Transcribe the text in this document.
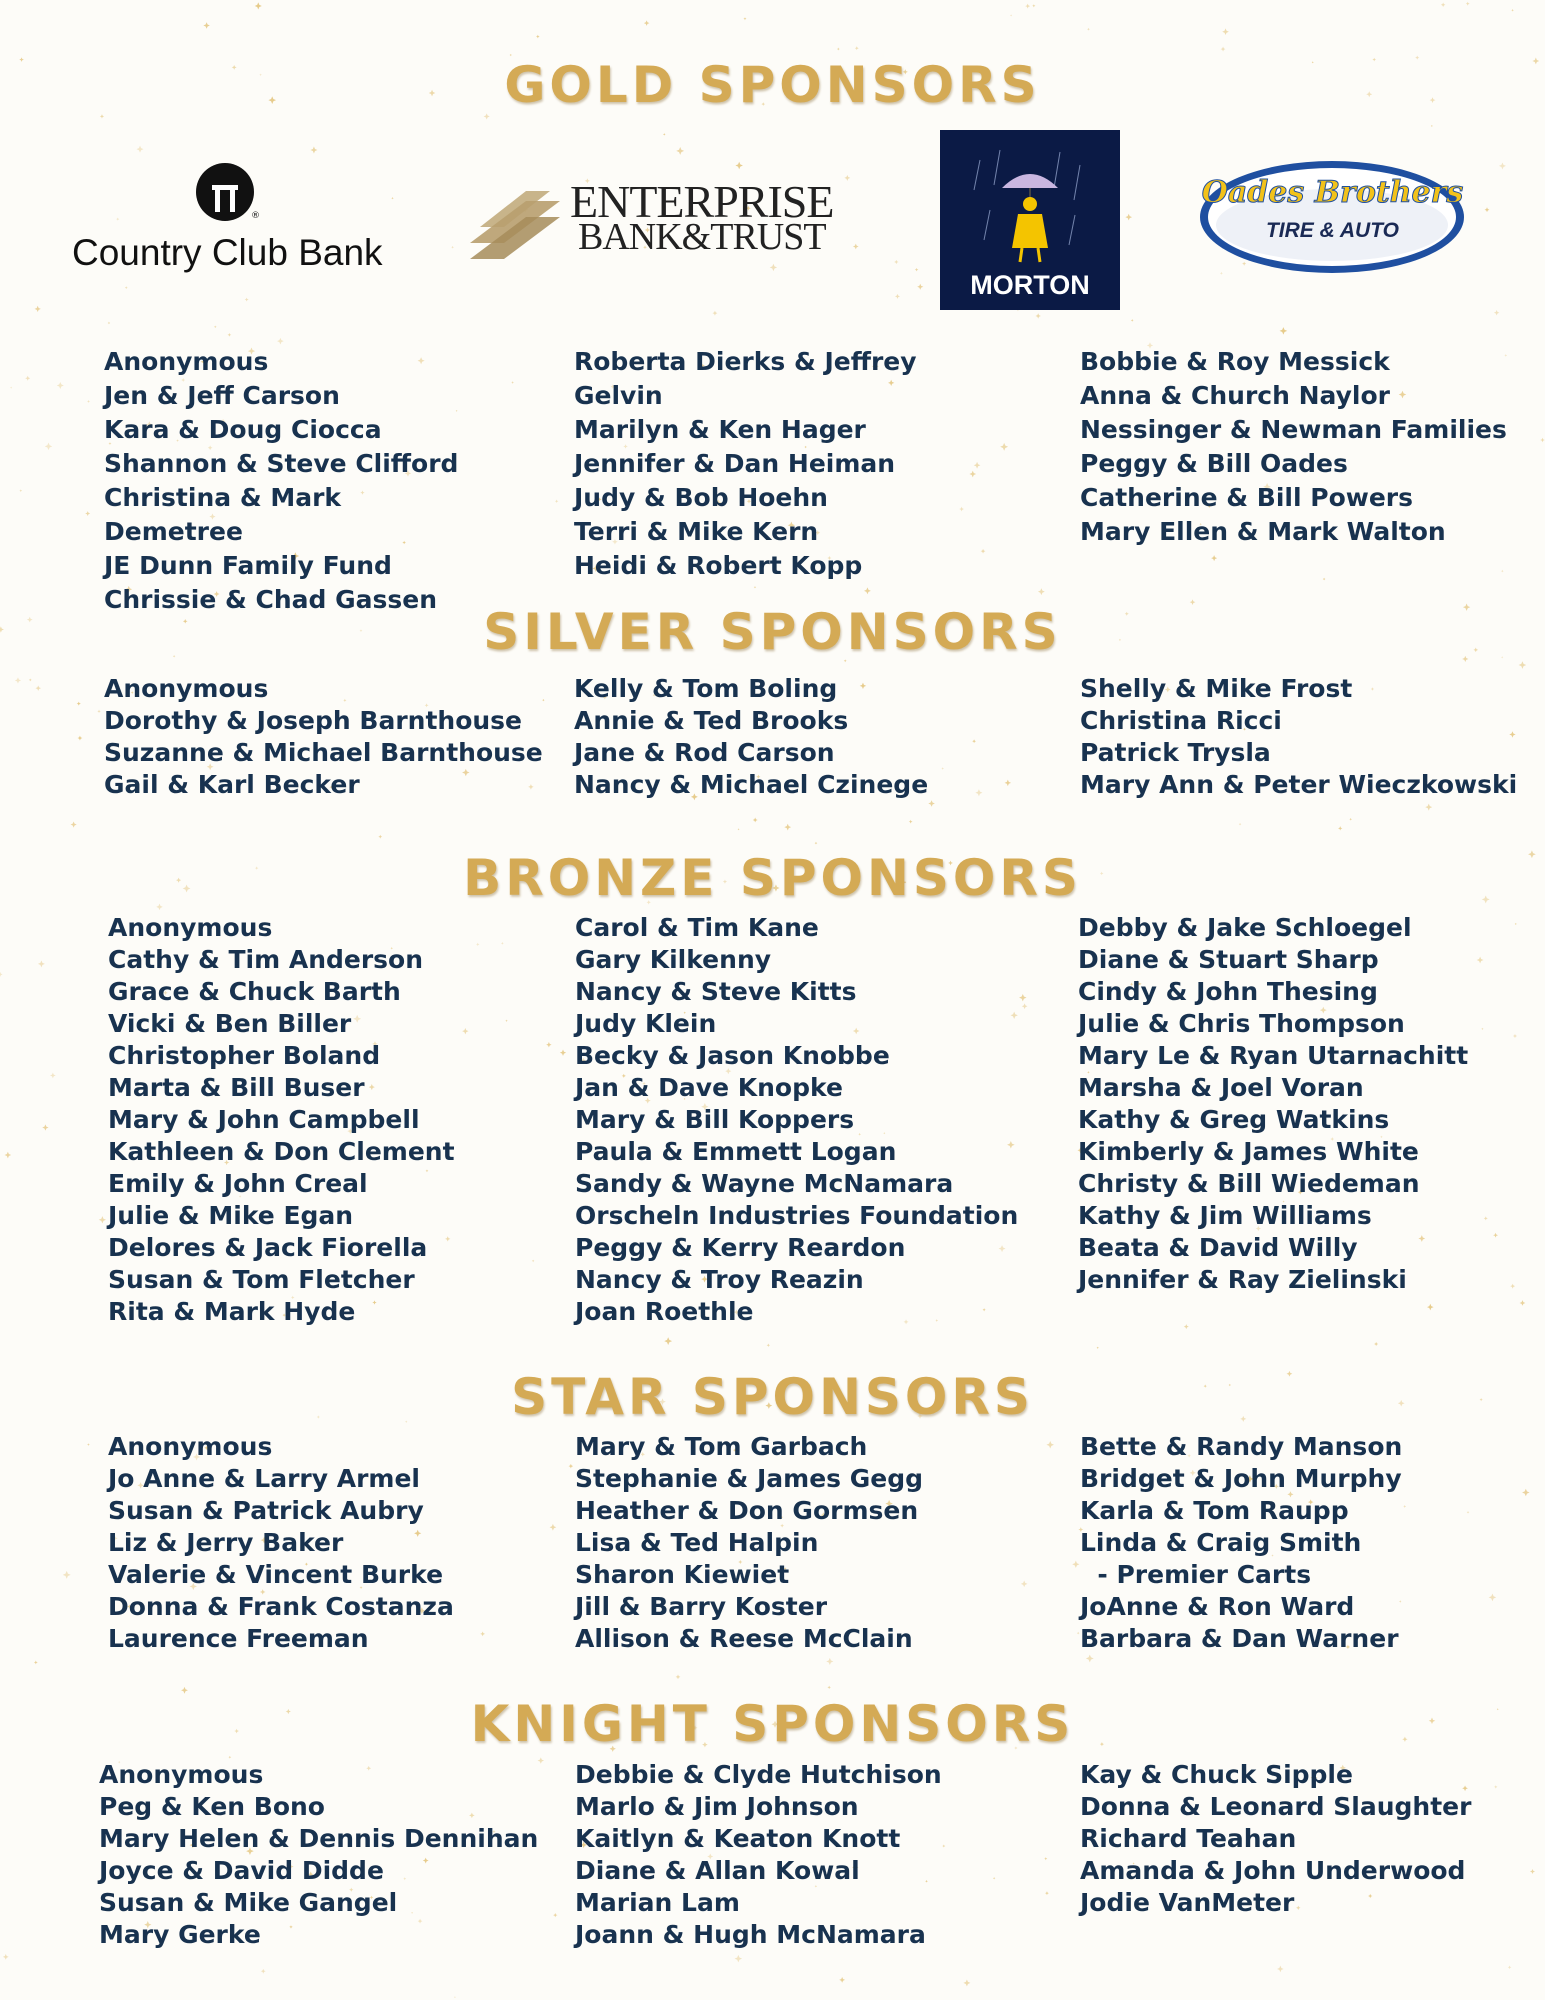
GOLD SPONSORS
®
Country Club Bank
ENTERPRISE
BANK&TRUST
MORTON
Oades Brothers
TIRE & AUTO
Anonymous
Jen & Jeff Carson
Kara & Doug Ciocca
Shannon & Steve Clifford
Christina & Mark
Demetree
JE Dunn Family Fund
Chrissie & Chad Gassen
Roberta Dierks & Jeffrey
Gelvin
Marilyn & Ken Hager
Jennifer & Dan Heiman
Judy & Bob Hoehn
Terri & Mike Kern
Heidi & Robert Kopp
Bobbie & Roy Messick
Anna & Church Naylor
Nessinger & Newman Families
Peggy & Bill Oades
Catherine & Bill Powers
Mary Ellen & Mark Walton
SILVER SPONSORS
Anonymous
Dorothy & Joseph Barnthouse
Suzanne & Michael Barnthouse
Gail & Karl Becker
Kelly & Tom Boling
Annie & Ted Brooks
Jane & Rod Carson
Nancy & Michael Czinege
Shelly & Mike Frost
Christina Ricci
Patrick Trysla
Mary Ann & Peter Wieczkowski
BRONZE SPONSORS
Anonymous
Cathy & Tim Anderson
Grace & Chuck Barth
Vicki & Ben Biller
Christopher Boland
Marta & Bill Buser
Mary & John Campbell
Kathleen & Don Clement
Emily & John Creal
Julie & Mike Egan
Delores & Jack Fiorella
Susan & Tom Fletcher
Rita & Mark Hyde
Carol & Tim Kane
Gary Kilkenny
Nancy & Steve Kitts
Judy Klein
Becky & Jason Knobbe
Jan & Dave Knopke
Mary & Bill Koppers
Paula & Emmett Logan
Sandy & Wayne McNamara
Orscheln Industries Foundation
Peggy & Kerry Reardon
Nancy & Troy Reazin
Joan Roethle
Debby & Jake Schloegel
Diane & Stuart Sharp
Cindy & John Thesing
Julie & Chris Thompson
Mary Le & Ryan Utarnachitt
Marsha & Joel Voran
Kathy & Greg Watkins
Kimberly & James White
Christy & Bill Wiedeman
Kathy & Jim Williams
Beata & David Willy
Jennifer & Ray Zielinski
STAR SPONSORS
Anonymous
Jo Anne & Larry Armel
Susan & Patrick Aubry
Liz & Jerry Baker
Valerie & Vincent Burke
Donna & Frank Costanza
Laurence Freeman
Mary & Tom Garbach
Stephanie & James Gegg
Heather & Don Gormsen
Lisa & Ted Halpin
Sharon Kiewiet
Jill & Barry Koster
Allison & Reese McClain
Bette & Randy Manson
Bridget & John Murphy
Karla & Tom Raupp
Linda & Craig Smith
- Premier Carts
JoAnne & Ron Ward
Barbara & Dan Warner
KNIGHT SPONSORS
Anonymous
Peg & Ken Bono
Mary Helen & Dennis Dennihan
Joyce & David Didde
Susan & Mike Gangel
Mary Gerke
Debbie & Clyde Hutchison
Marlo & Jim Johnson
Kaitlyn & Keaton Knott
Diane & Allan Kowal
Marian Lam
Joann & Hugh McNamara
Kay & Chuck Sipple
Donna & Leonard Slaughter
Richard Teahan
Amanda & John Underwood
Jodie VanMeter
